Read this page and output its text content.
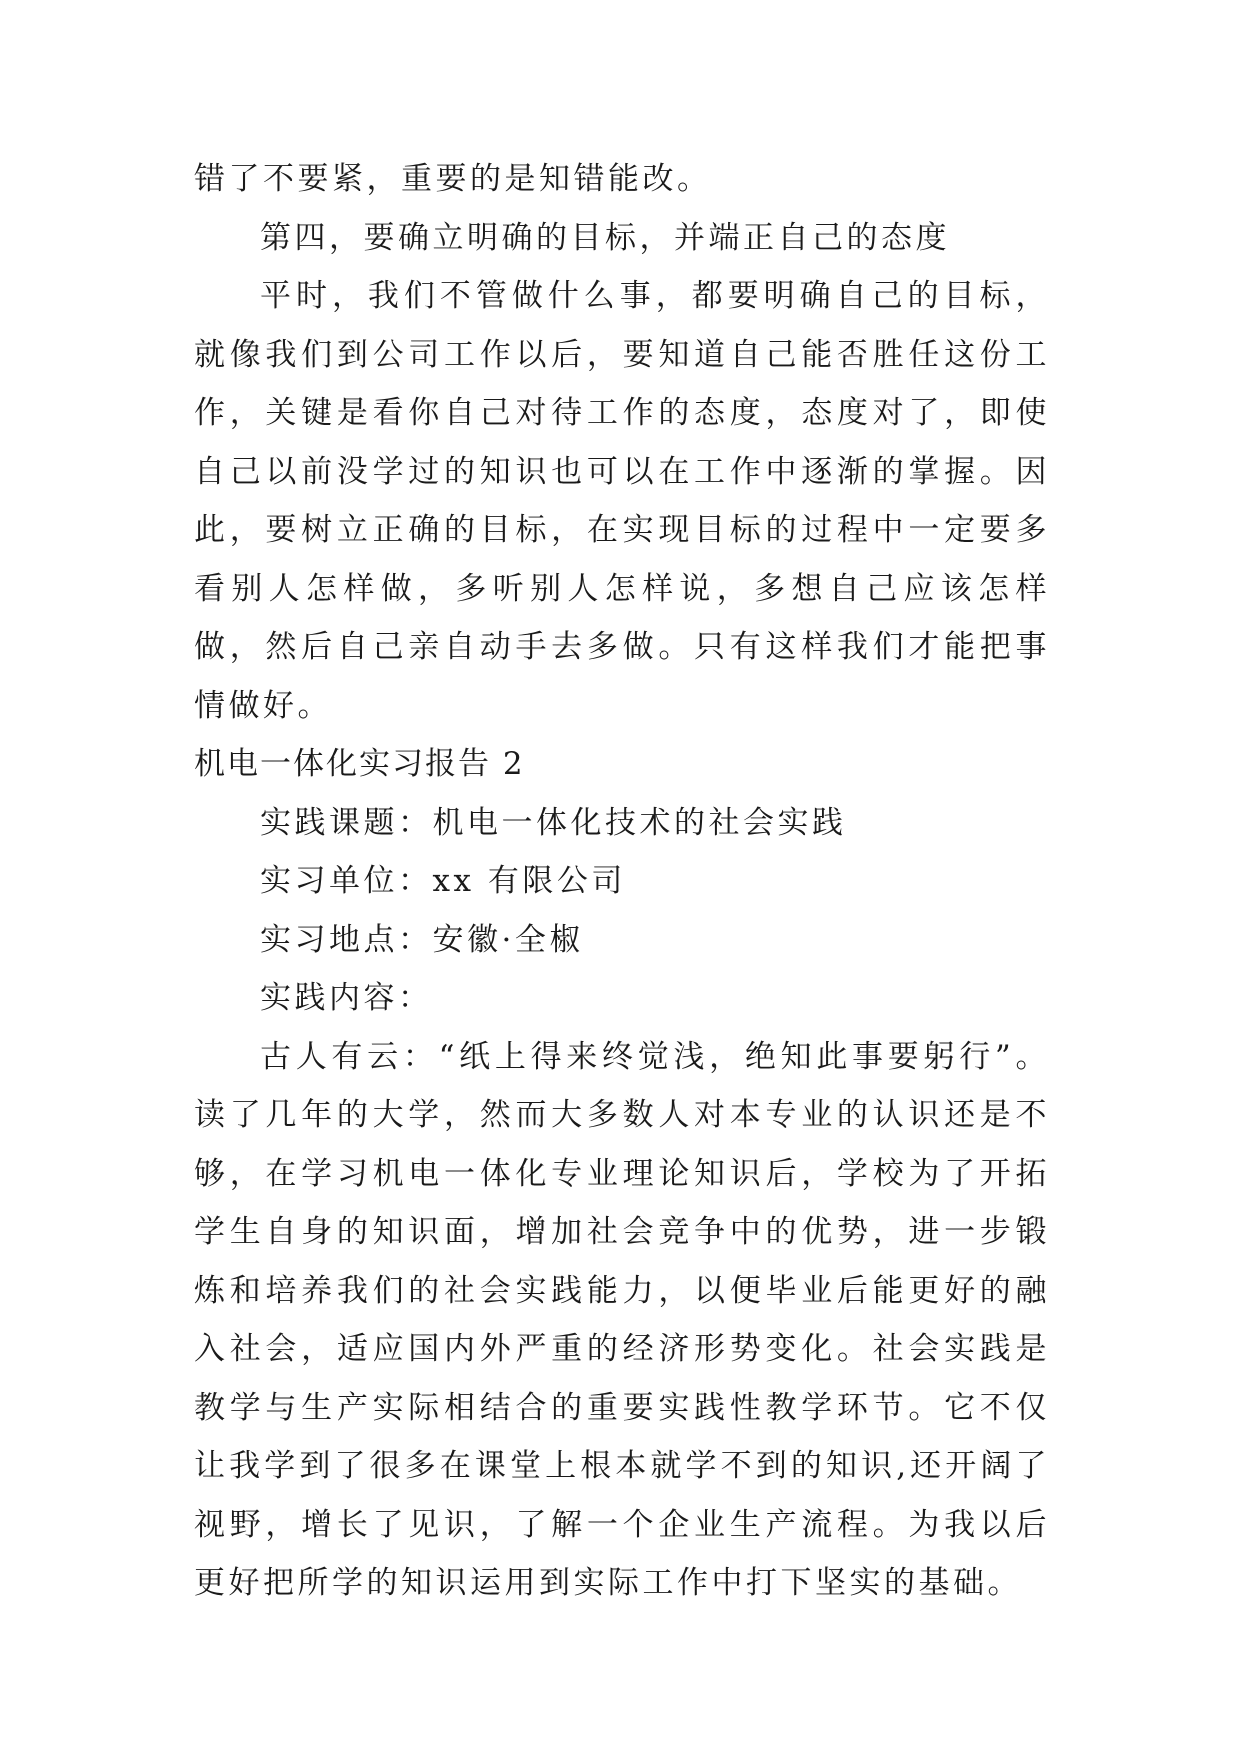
错了不要紧，重要的是知错能改。

第四，要确立明确的目标，并端正自己的态度

平时，我们不管做什么事，都要明确自己的目标，就像我们到公司工作以后，要知道自己能否胜任这份工作，关键是看你自己对待工作的态度，态度对了，即使自己以前没学过的知识也可以在工作中逐渐的掌握。因此，要树立正确的目标，在实现目标的过程中一定要多看别人怎样做，多听别人怎样说，多想自己应该怎样做，然后自己亲自动手去多做。只有这样我们才能把事情做好。

机电一体化实习报告 2

实践课题：机电一体化技术的社会实践

实习单位：xx 有限公司

实习地点：安徽·全椒

实践内容：

古人有云：“纸上得来终觉浅，绝知此事要躬行”。 读了几年的大学，然而大多数人对本专业的认识还是不够，在学习机电一体化专业理论知识后，学校为了开拓学生自身的知识面，增加社会竞争中的优势，进一步锻炼和培养我们的社会实践能力，以便毕业后能更好的融入社会，适应国内外严重的经济形势变化。社会实践是教学与生产实际相结合的重要实践性教学环节。它不仅让我学到了很多在课堂上根本就学不到的知识,还开阔了视野，增长了见识，了解一个企业生产流程。为我以后更好把所学的知识运用到实际工作中打下坚实的基础。
